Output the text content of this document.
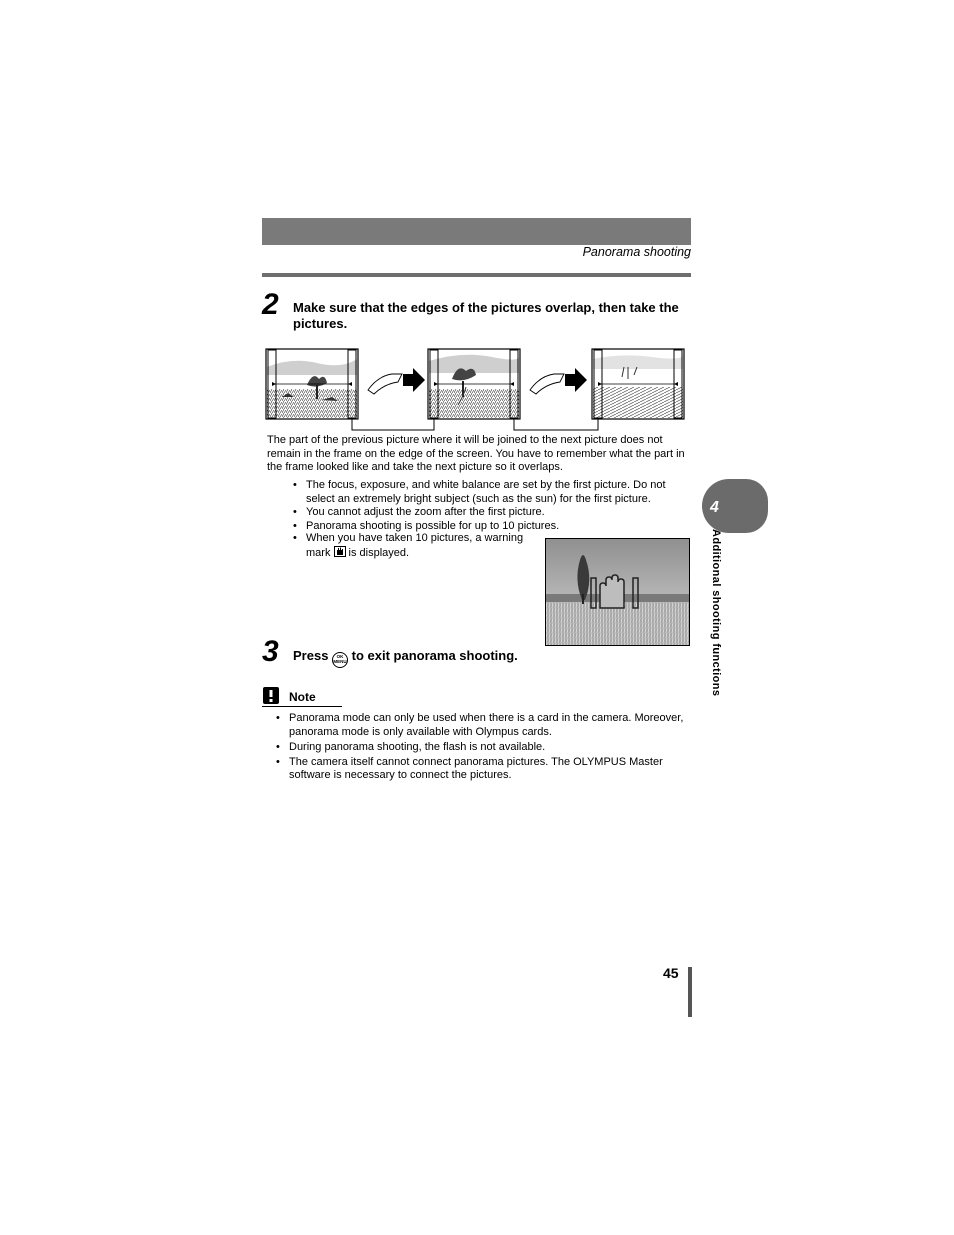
Panorama shooting
2 Make sure that the edges of the pictures overlap, then take the pictures.

The part of the previous picture where it will be joined to the next picture does not remain in the frame on the edge of the screen. You have to remember what the part in the frame looked like and take the next picture so it overlaps.

• The focus, exposure, and white balance are set by the first picture. Do not select an extremely bright subject (such as the sun) for the first picture.
• You cannot adjust the zoom after the first picture.
• Panorama shooting is possible for up to 10 pictures.
• When you have taken 10 pictures, a warning mark  is displayed.
3 Press	OK
MENU to exit panorama shooting.
Note
• Panorama mode can only be used when there is a card in the camera. Moreover, panorama mode is only available with Olympus cards.
• During panorama shooting, the flash is not available.
• The camera itself cannot connect panorama pictures. The OLYMPUS Master software is necessary to connect the pictures.
4
Additional shooting functions
45
